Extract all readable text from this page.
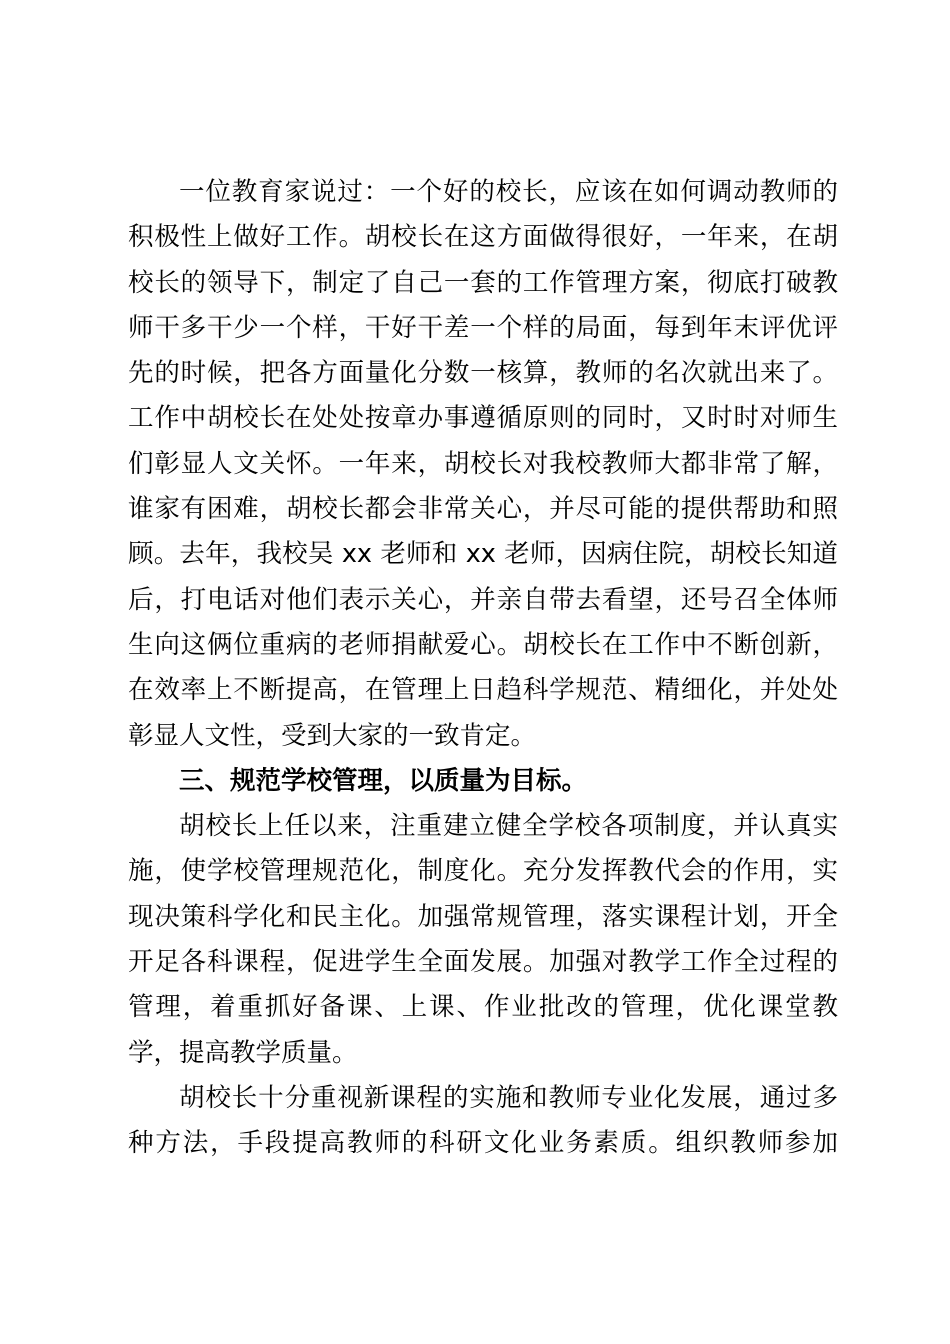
一位教育家说过：一个好的校长，应该在如何调动教师的
积极性上做好工作。胡校长在这方面做得很好，一年来，在胡
校长的领导下，制定了自己一套的工作管理方案，彻底打破教
师干多干少一个样，干好干差一个样的局面，每到年末评优评
先的时候，把各方面量化分数一核算，教师的名次就出来了。
工作中胡校长在处处按章办事遵循原则的同时，又时时对师生
们彰显人文关怀。一年来，胡校长对我校教师大都非常了解，
谁家有困难，胡校长都会非常关心，并尽可能的提供帮助和照
顾。去年，我校吴 xx 老师和 xx 老师，因病住院，胡校长知道
后，打电话对他们表示关心，并亲自带去看望，还号召全体师
生向这俩位重病的老师捐献爱心。胡校长在工作中不断创新，
在效率上不断提高，在管理上日趋科学规范、精细化，并处处
彰显人文性，受到大家的一致肯定。
三、规范学校管理，以质量为目标。
胡校长上任以来，注重建立健全学校各项制度，并认真实
施，使学校管理规范化，制度化。充分发挥教代会的作用，实
现决策科学化和民主化。加强常规管理，落实课程计划，开全
开足各科课程，促进学生全面发展。加强对教学工作全过程的
管理，着重抓好备课、上课、作业批改的管理，优化课堂教
学，提高教学质量。
胡校长十分重视新课程的实施和教师专业化发展，通过多
种方法，手段提高教师的科研文化业务素质。组织教师参加
